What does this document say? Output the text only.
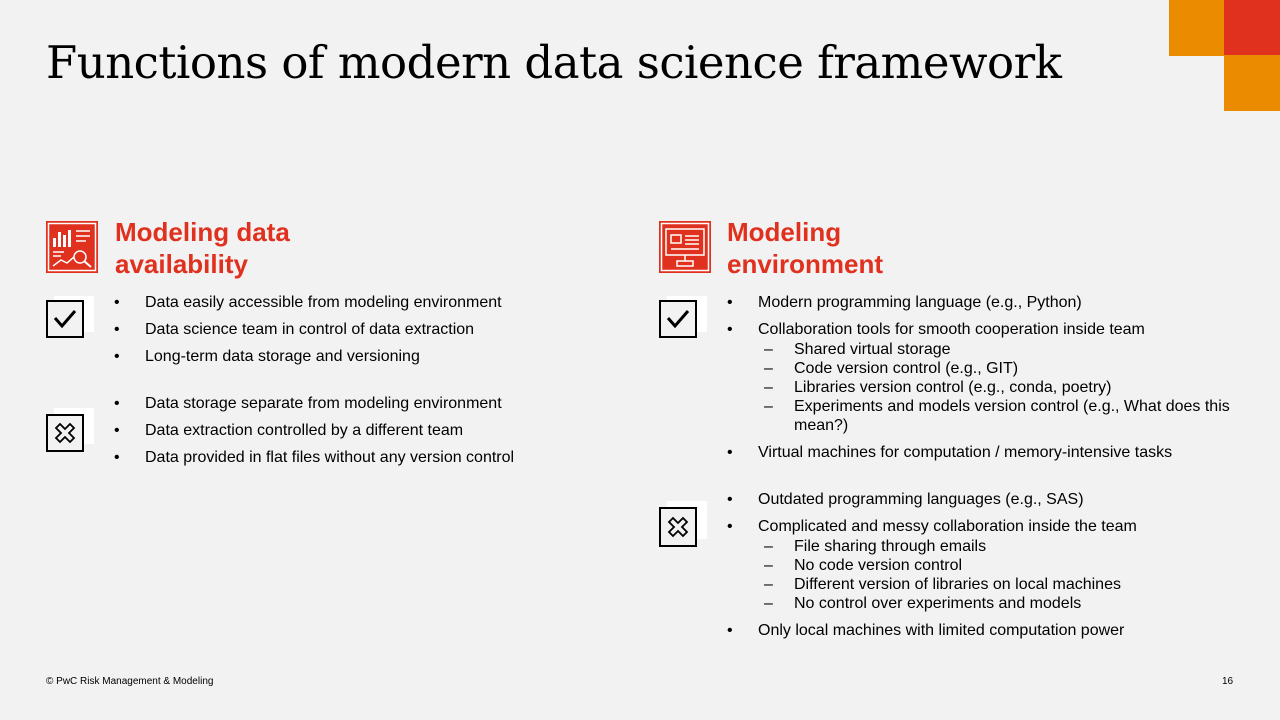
Functions of modern data science framework
Modeling data
availability
• Data easily accessible from modeling environment
• Data science team in control of data extraction
• Long-term data storage and versioning
• Data storage separate from modeling environment
• Data extraction controlled by a different team
• Data provided in flat files without any version control
Modeling
environment
• Modern programming language (e.g., Python)
• Collaboration tools for smooth cooperation inside team
– Shared virtual storage
– Code version control (e.g., GIT)
– Libraries version control (e.g., conda, poetry)
– Experiments and models version control (e.g., What does this mean?)
• Virtual machines for computation / memory-intensive tasks
• Outdated programming languages (e.g., SAS)
• Complicated and messy collaboration inside the team
– File sharing through emails
– No code version control
– Different version of libraries on local machines
– No control over experiments and models
• Only local machines with limited computation power
© PwC Risk Management & Modeling	16
